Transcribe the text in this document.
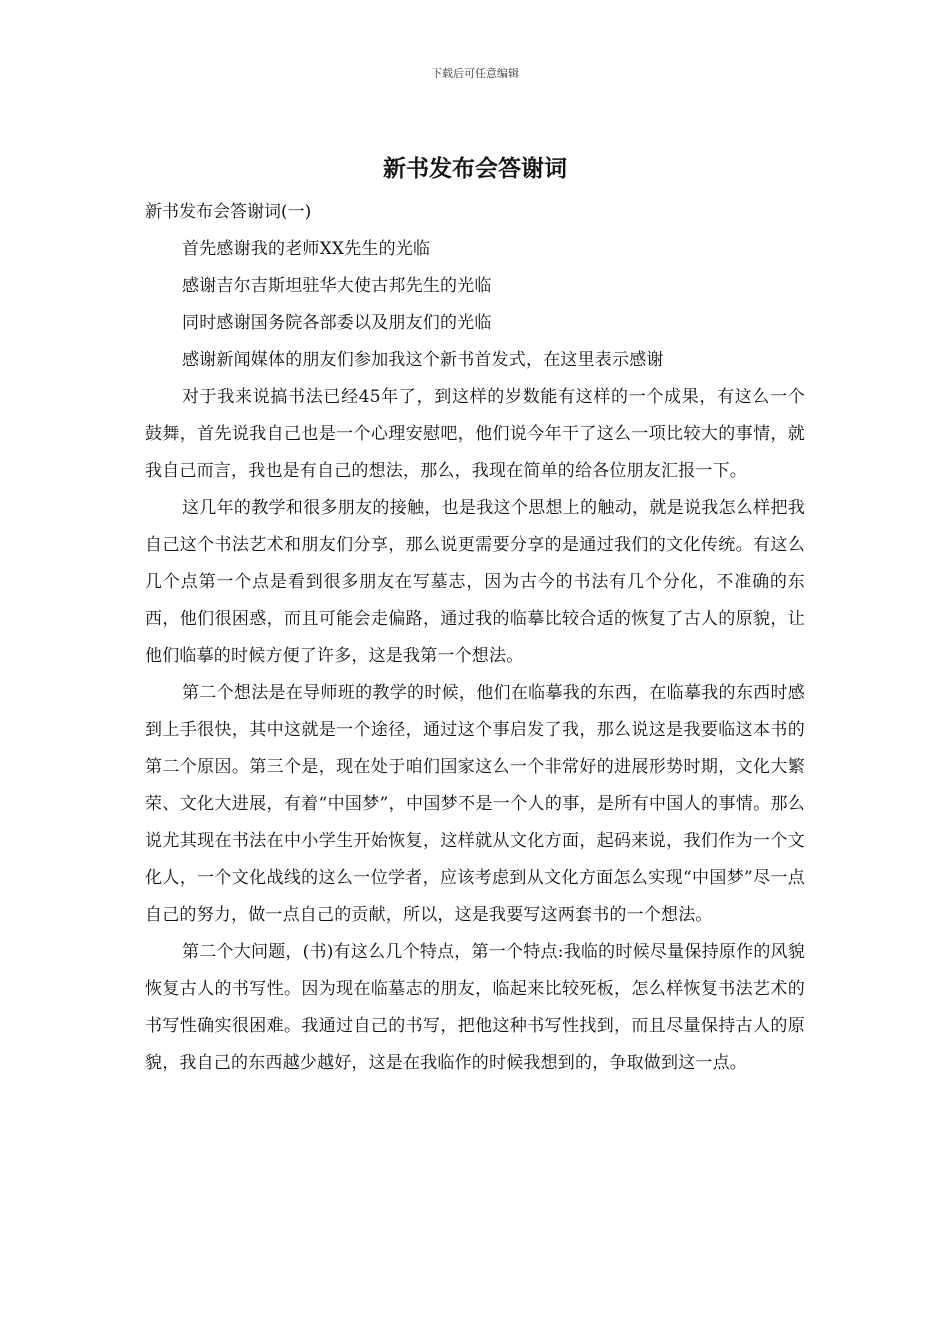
下载后可任意编辑
新书发布会答谢词

新书发布会答谢词(一)

首先感谢我的老师XX先生的光临

感谢吉尔吉斯坦驻华大使古邦先生的光临

同时感谢国务院各部委以及朋友们的光临

感谢新闻媒体的朋友们参加我这个新书首发式，在这里表示感谢

对于我来说搞书法已经45年了，到这样的岁数能有这样的一个成果，有这么一个鼓舞，首先说我自己也是一个心理安慰吧，他们说今年干了这么一项比较大的事情，就我自己而言，我也是有自己的想法，那么，我现在简单的给各位朋友汇报一下。

这几年的教学和很多朋友的接触，也是我这个思想上的触动，就是说我怎么样把我自己这个书法艺术和朋友们分享，那么说更需要分享的是通过我们的文化传统。有这么几个点第一个点是看到很多朋友在写墓志，因为古今的书法有几个分化，不准确的东西，他们很困惑，而且可能会走偏路，通过我的临摹比较合适的恢复了古人的原貌，让他们临摹的时候方便了许多，这是我第一个想法。

第二个想法是在导师班的教学的时候，他们在临摹我的东西，在临摹我的东西时感到上手很快，其中这就是一个途径，通过这个事启发了我，那么说这是我要临这本书的第二个原因。第三个是，现在处于咱们国家这么一个非常好的进展形势时期，文化大繁荣、文化大进展，有着“中国梦”，中国梦不是一个人的事，是所有中国人的事情。那么说尤其现在书法在中小学生开始恢复，这样就从文化方面，起码来说，我们作为一个文化人，一个文化战线的这么一位学者，应该考虑到从文化方面怎么实现“中国梦”尽一点自己的努力，做一点自己的贡献，所以，这是我要写这两套书的一个想法。

第二个大问题，(书)有这么几个特点，第一个特点:我临的时候尽量保持原作的风貌恢复古人的书写性。因为现在临墓志的朋友，临起来比较死板，怎么样恢复书法艺术的书写性确实很困难。我通过自己的书写，把他这种书写性找到，而且尽量保持古人的原貌，我自己的东西越少越好，这是在我临作的时候我想到的，争取做到这一点。
